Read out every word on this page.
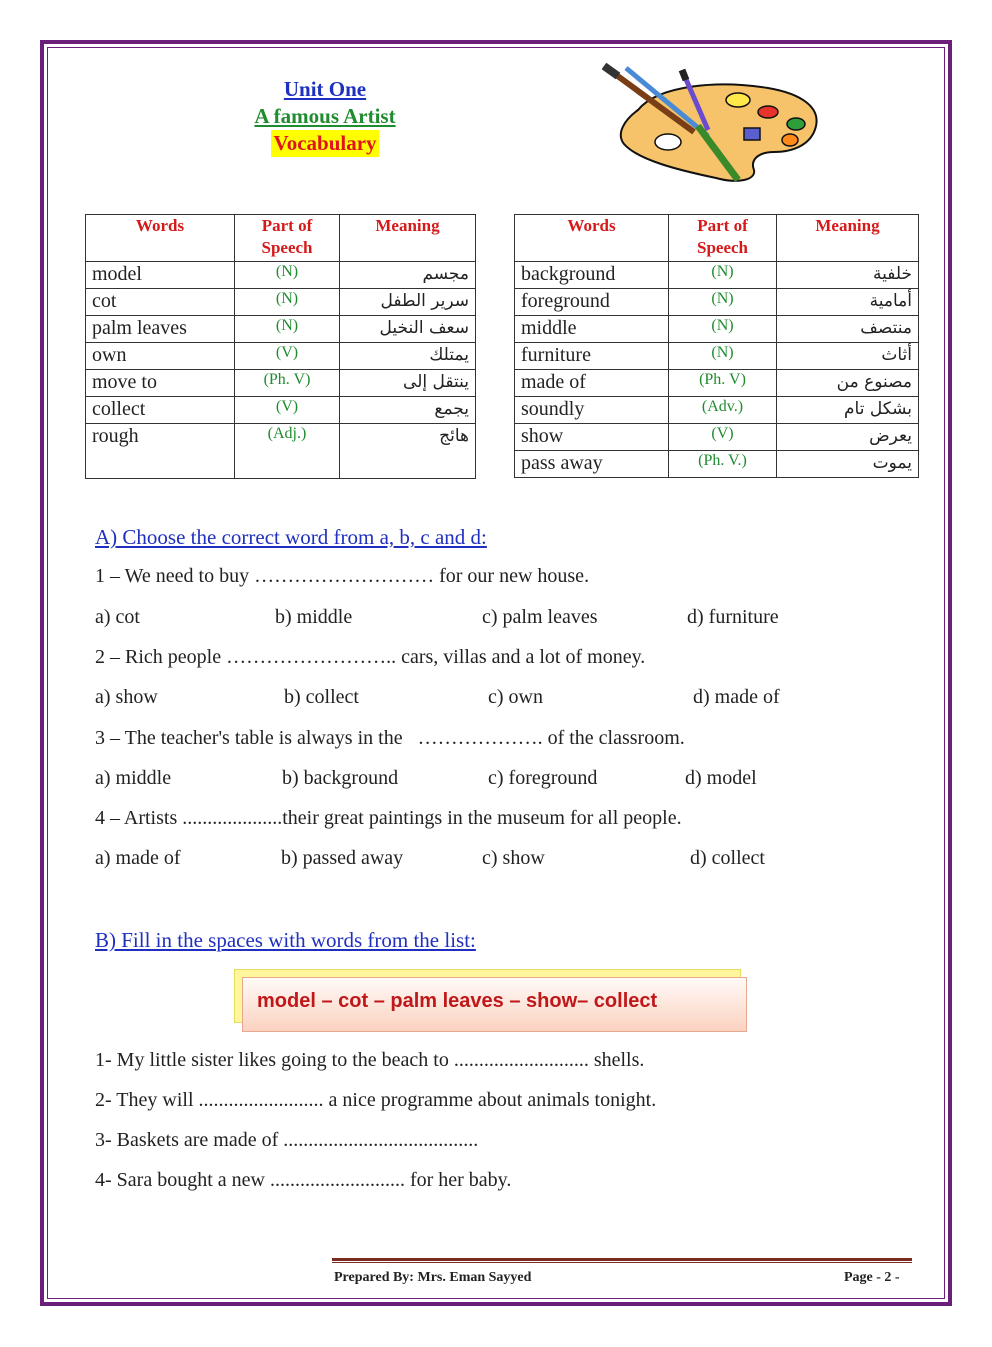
Unit One
A famous Artist
Vocabulary
Words	Part of Speech	Meaning
model	(N)	مجسم
cot	(N)	سرير الطفل
palm leaves	(N)	سعف النخيل
own	(V)	يمتلك
move to	(Ph. V)	ينتقل إلى
collect	(V)	يجمع
rough	(Adj.)	هائج
Words	Part of Speech	Meaning
background	(N)	خلفية
foreground	(N)	أمامية
middle	(N)	منتصف
furniture	(N)	أثاث
made of	(Ph. V)	مصنوع من
soundly	(Adv.)	بشكل تام
show	(V)	يعرض
pass away	(Ph. V.)	يموت
A) Choose the correct word from a, b, c and d:
1 – We need to buy ……………………… for our new house.
a) cot	b) middle	c) palm leaves	d) furniture
2 – Rich people …………………….. cars, villas and a lot of money.
a) show	b) collect	c) own	d) made of
3 – The teacher's table is always in the   ………………. of the classroom.
a) middle	b) background	c) foreground	d) model
4 – Artists ....................their great paintings in the museum for all people.
a) made of	b) passed away	c) show	d) collect
B) Fill in the spaces with words from the list:
model – cot – palm leaves – show– collect
1- My little sister likes going to the beach to ........................... shells.
2- They will ......................... a nice programme about animals tonight.
3- Baskets are made of .......................................
4- Sara bought a new ........................... for her baby.
Prepared By: Mrs. Eman Sayyed	Page - 2 -
